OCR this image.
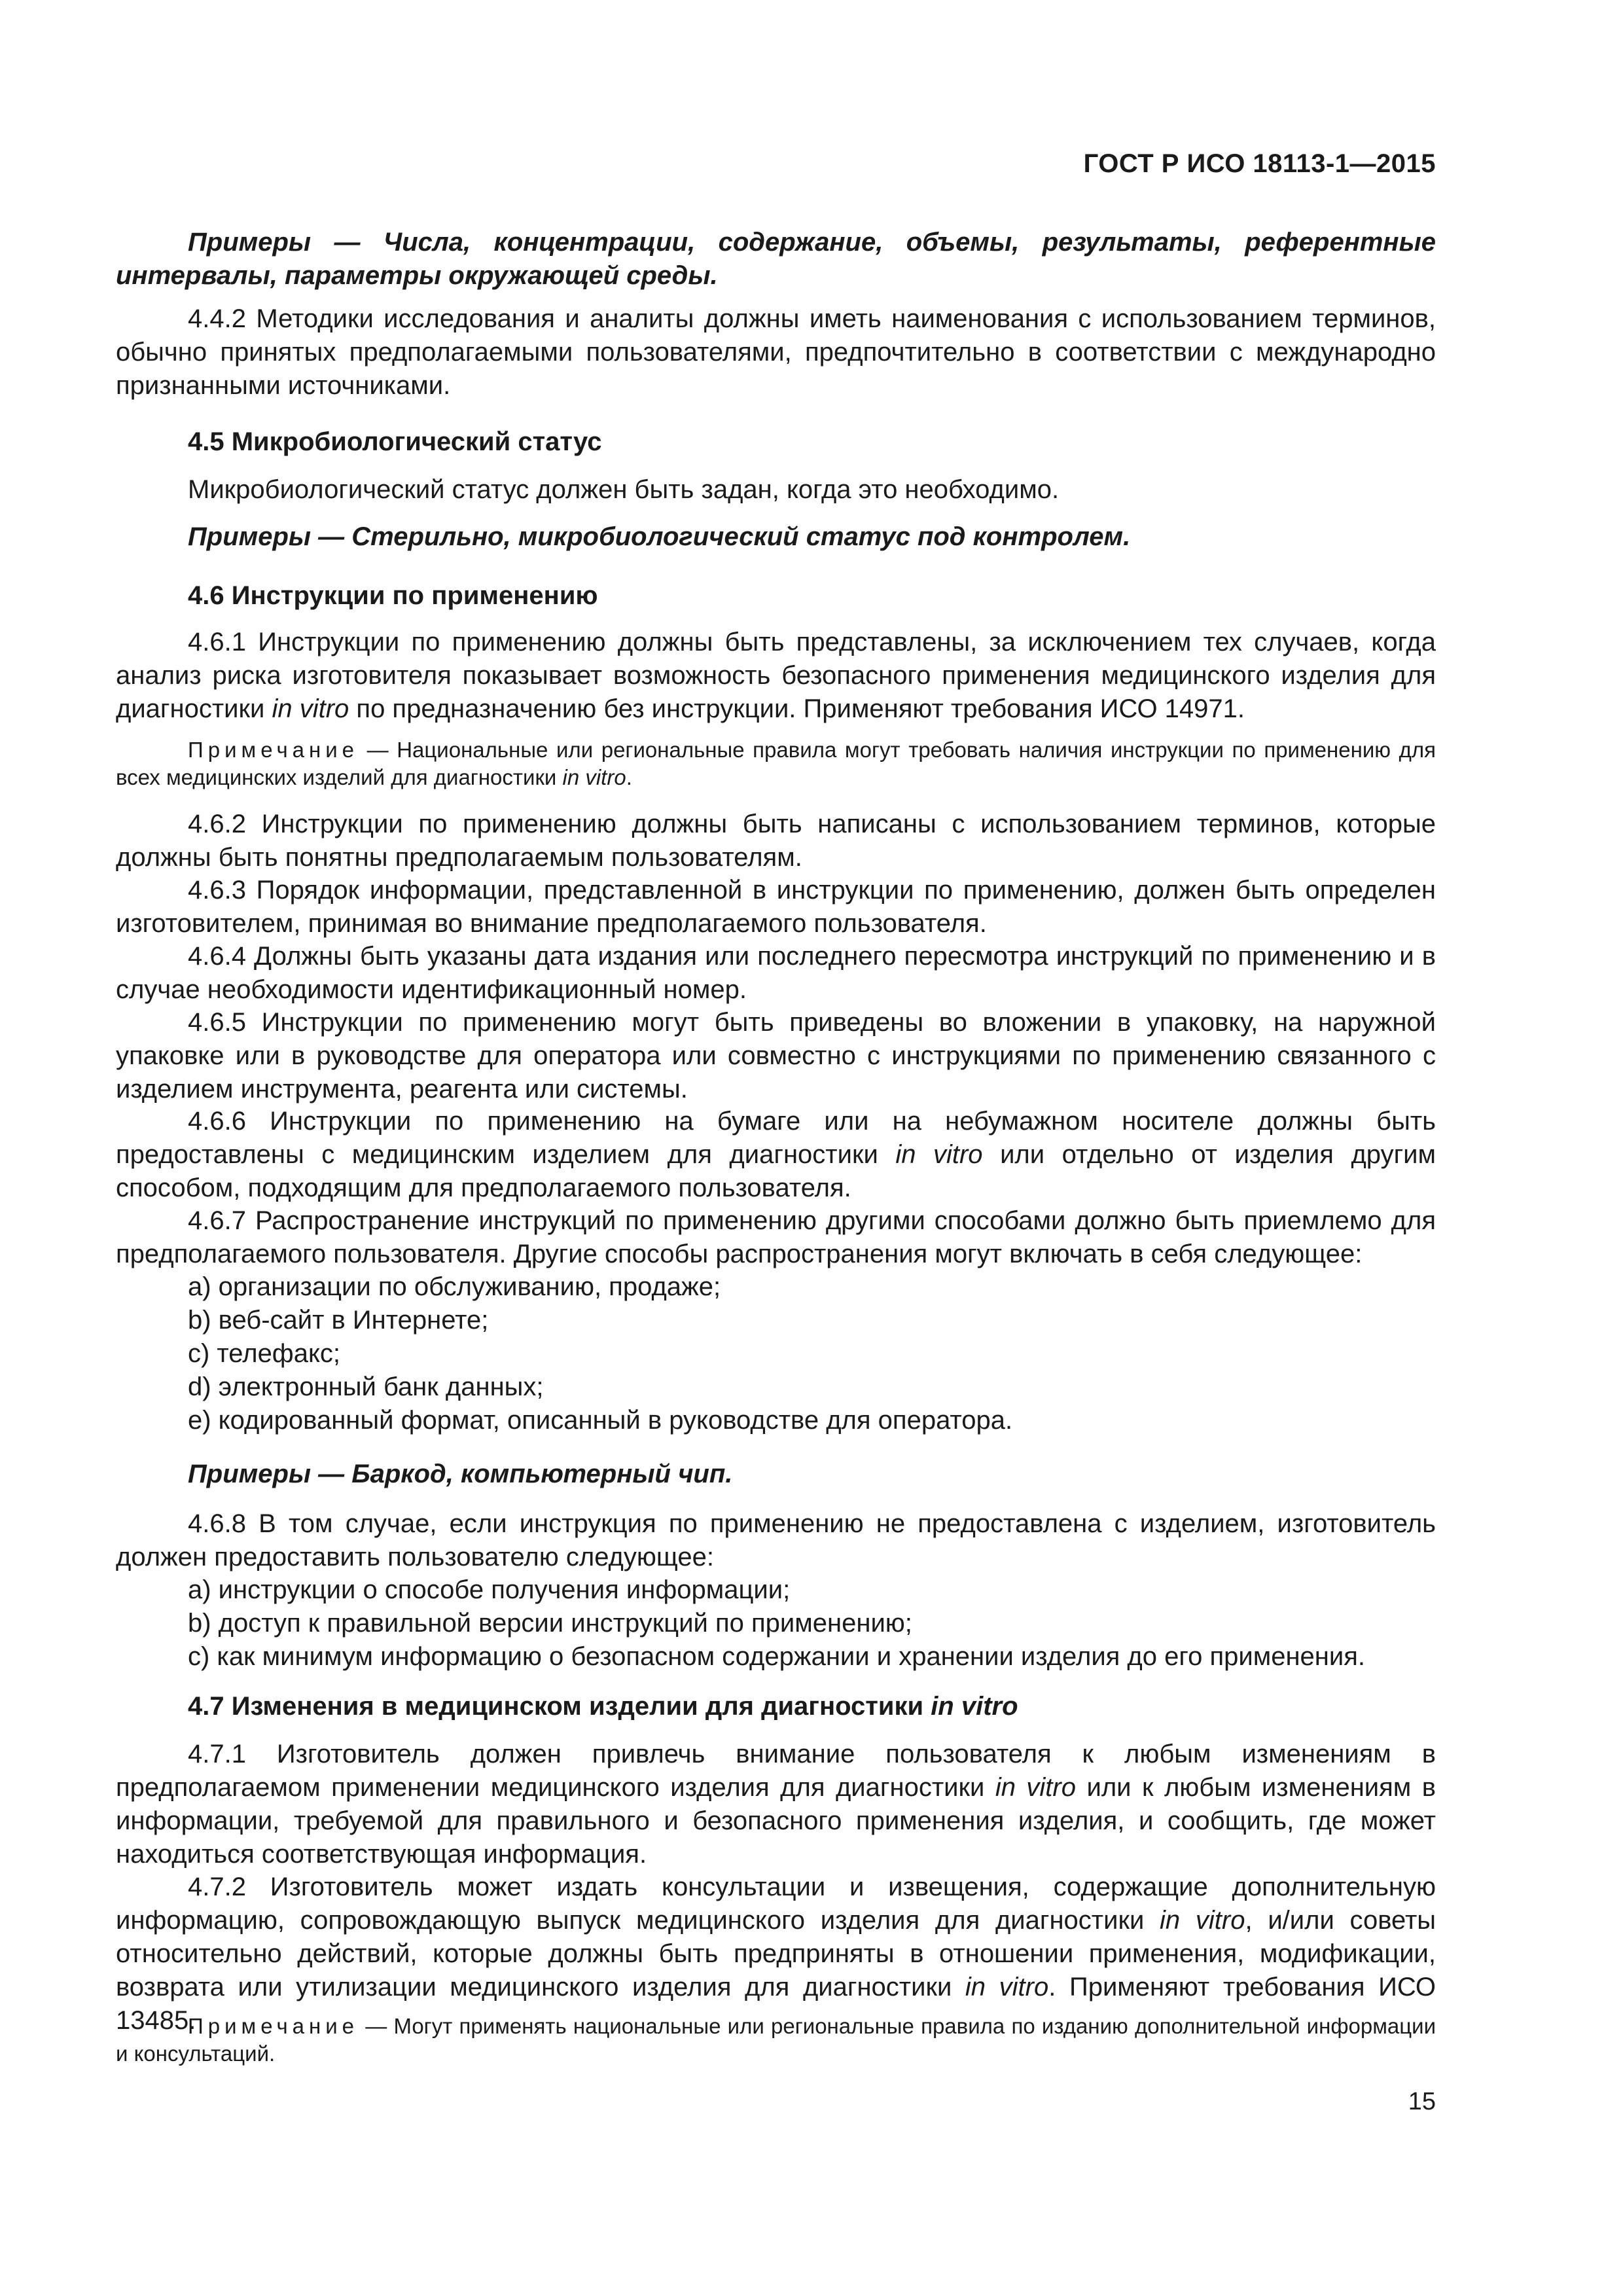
ГОСТ Р ИСО 18113-1—2015

Примеры — Числа, концентрации, содержание, объемы, результаты, референтные интервалы, параметры окружающей среды.

4.4.2 Методики исследования и аналиты должны иметь наименования с использованием терминов, обычно принятых предполагаемыми пользователями, предпочтительно в соответствии с международно признанными источниками.

4.5 Микробиологический статус

Микробиологический статус должен быть задан, когда это необходимо.

Примеры — Стерильно, микробиологический статус под контролем.

4.6 Инструкции по применению

4.6.1 Инструкции по применению должны быть представлены, за исключением тех случаев, когда анализ риска изготовителя показывает возможность безопасного применения медицинского изделия для диагностики in vitro по предназначению без инструкции. Применяют требования ИСО 14971.

Примечание — Национальные или региональные правила могут требовать наличия инструкции по применению для всех медицинских изделий для диагностики in vitro.

4.6.2 Инструкции по применению должны быть написаны с использованием терминов, которые должны быть понятны предполагаемым пользователям.

4.6.3 Порядок информации, представленной в инструкции по применению, должен быть определен изготовителем, принимая во внимание предполагаемого пользователя.

4.6.4 Должны быть указаны дата издания или последнего пересмотра инструкций по применению и в случае необходимости идентификационный номер.

4.6.5 Инструкции по применению могут быть приведены во вложении в упаковку, на наружной упаковке или в руководстве для оператора или совместно с инструкциями по применению связанного с изделием инструмента, реагента или системы.

4.6.6 Инструкции по применению на бумаге или на небумажном носителе должны быть предоставлены с медицинским изделием для диагностики in vitro или отдельно от изделия другим способом, подходящим для предполагаемого пользователя.

4.6.7 Распространение инструкций по применению другими способами должно быть приемлемо для предполагаемого пользователя. Другие способы распространения могут включать в себя следующее:

a) организации по обслуживанию, продаже;

b) веб-сайт в Интернете;

c) телефакс;

d) электронный банк данных;

e) кодированный формат, описанный в руководстве для оператора.

Примеры — Баркод, компьютерный чип.

4.6.8 В том случае, если инструкция по применению не предоставлена с изделием, изготовитель должен предоставить пользователю следующее:

a) инструкции о способе получения информации;

b) доступ к правильной версии инструкций по применению;

c) как минимум информацию о безопасном содержании и хранении изделия до его применения.

4.7 Изменения в медицинском изделии для диагностики in vitro

4.7.1 Изготовитель должен привлечь внимание пользователя к любым изменениям в предполагаемом применении медицинского изделия для диагностики in vitro или к любым изменениям в информации, требуемой для правильного и безопасного применения изделия, и сообщить, где может находиться соответствующая информация.

4.7.2 Изготовитель может издать консультации и извещения, содержащие дополнительную информацию, сопровождающую выпуск медицинского изделия для диагностики in vitro, и/или советы относительно действий, которые должны быть предприняты в отношении применения, модификации, возврата или утилизации медицинского изделия для диагностики in vitro. Применяют требования ИСО 13485.

Примечание — Могут применять национальные или региональные правила по изданию дополнительной информации и консультаций.

15
